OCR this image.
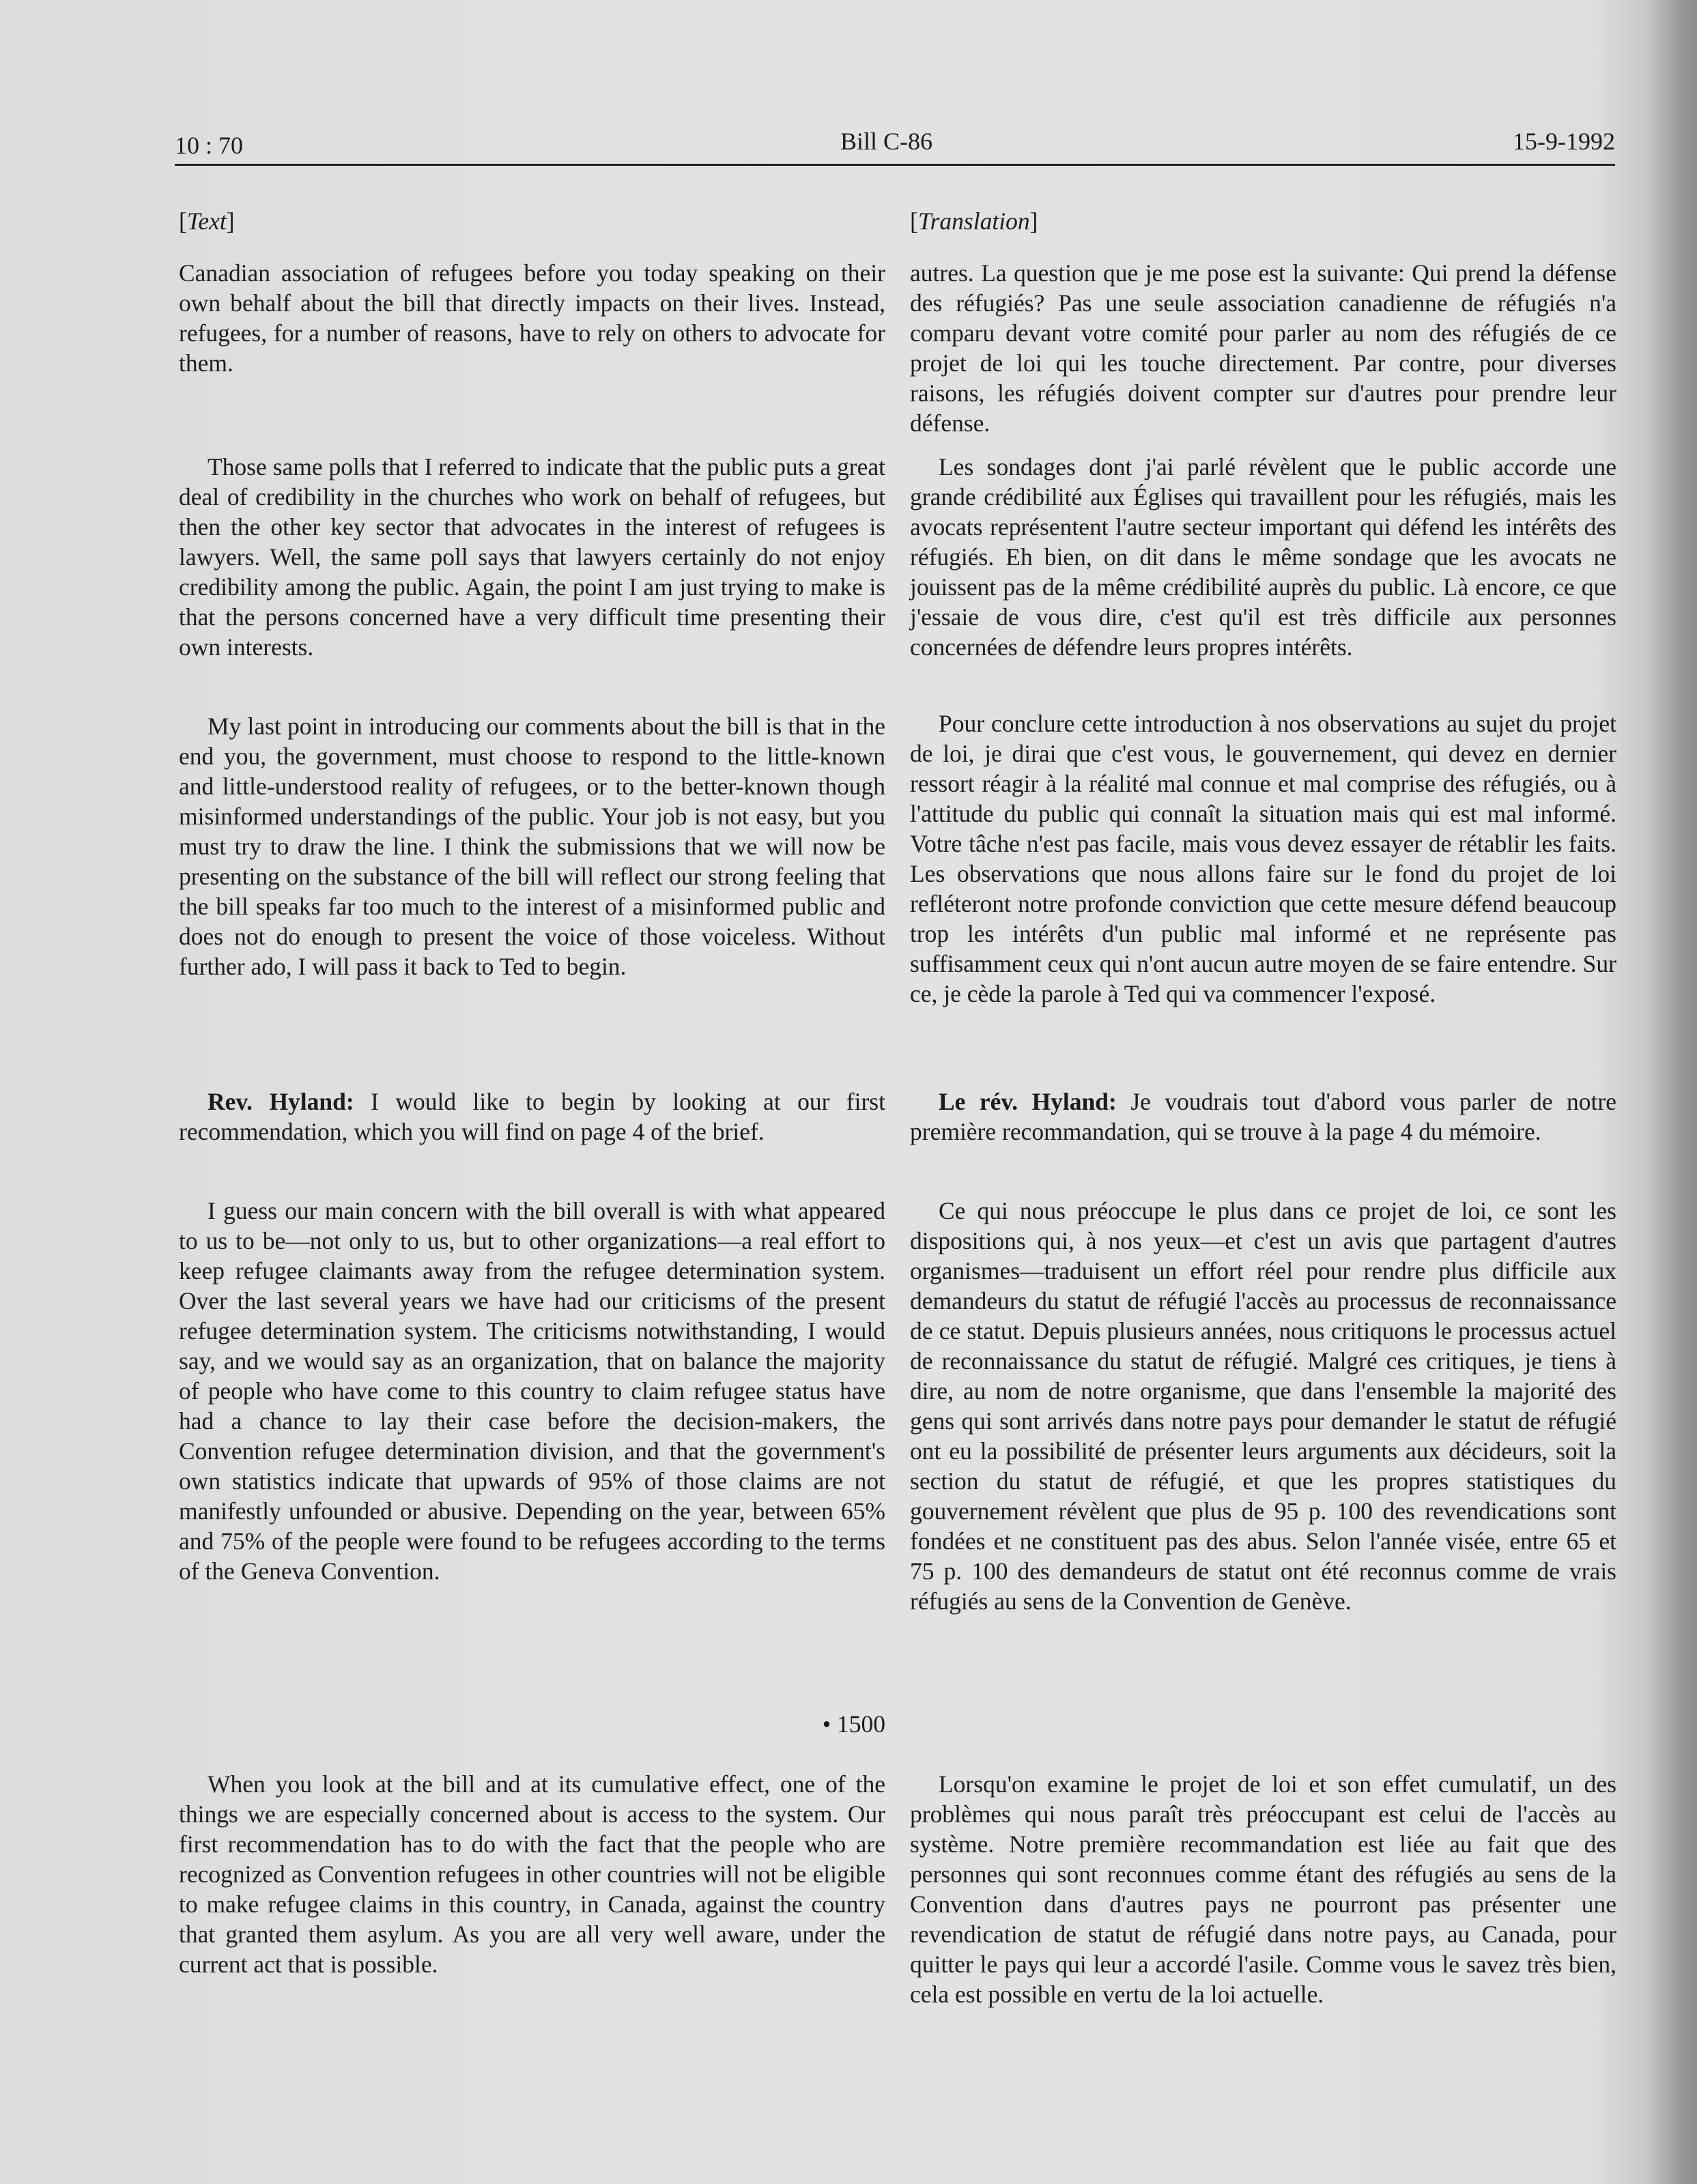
10 : 70	Bill C-86	15-9-1992
[Text]

Canadian association of refugees before you today speaking on their own behalf about the bill that directly impacts on their lives. Instead, refugees, for a number of reasons, have to rely on others to advocate for them.

Those same polls that I referred to indicate that the public puts a great deal of credibility in the churches who work on behalf of refugees, but then the other key sector that advocates in the interest of refugees is lawyers. Well, the same poll says that lawyers certainly do not enjoy credibility among the public. Again, the point I am just trying to make is that the persons concerned have a very difficult time presenting their own interests.

My last point in introducing our comments about the bill is that in the end you, the government, must choose to respond to the little-known and little-understood reality of refugees, or to the better-known though misinformed understandings of the public. Your job is not easy, but you must try to draw the line. I think the submissions that we will now be presenting on the substance of the bill will reflect our strong feeling that the bill speaks far too much to the interest of a misinformed public and does not do enough to present the voice of those voiceless. Without further ado, I will pass it back to Ted to begin.

Rev. Hyland: I would like to begin by looking at our first recommendation, which you will find on page 4 of the brief.

I guess our main concern with the bill overall is with what appeared to us to be—not only to us, but to other organizations—a real effort to keep refugee claimants away from the refugee determination system. Over the last several years we have had our criticisms of the present refugee determination system. The criticisms notwithstanding, I would say, and we would say as an organization, that on balance the majority of people who have come to this country to claim refugee status have had a chance to lay their case before the decision-makers, the Convention refugee determination division, and that the government's own statistics indicate that upwards of 95% of those claims are not manifestly unfounded or abusive. Depending on the year, between 65% and 75% of the people were found to be refugees according to the terms of the Geneva Convention.

• 1500

When you look at the bill and at its cumulative effect, one of the things we are especially concerned about is access to the system. Our first recommendation has to do with the fact that the people who are recognized as Convention refugees in other countries will not be eligible to make refugee claims in this country, in Canada, against the country that granted them asylum. As you are all very well aware, under the current act that is possible.

[Translation]

autres. La question que je me pose est la suivante: Qui prend la défense des réfugiés? Pas une seule association canadienne de réfugiés n'a comparu devant votre comité pour parler au nom des réfugiés de ce projet de loi qui les touche directement. Par contre, pour diverses raisons, les réfugiés doivent compter sur d'autres pour prendre leur défense.

Les sondages dont j'ai parlé révèlent que le public accorde une grande crédibilité aux Églises qui travaillent pour les réfugiés, mais les avocats représentent l'autre secteur important qui défend les intérêts des réfugiés. Eh bien, on dit dans le même sondage que les avocats ne jouissent pas de la même crédibilité auprès du public. Là encore, ce que j'essaie de vous dire, c'est qu'il est très difficile aux personnes concernées de défendre leurs propres intérêts.

Pour conclure cette introduction à nos observations au sujet du projet de loi, je dirai que c'est vous, le gouvernement, qui devez en dernier ressort réagir à la réalité mal connue et mal comprise des réfugiés, ou à l'attitude du public qui connaît la situation mais qui est mal informé. Votre tâche n'est pas facile, mais vous devez essayer de rétablir les faits. Les observations que nous allons faire sur le fond du projet de loi refléteront notre profonde conviction que cette mesure défend beaucoup trop les intérêts d'un public mal informé et ne représente pas suffisamment ceux qui n'ont aucun autre moyen de se faire entendre. Sur ce, je cède la parole à Ted qui va commencer l'exposé.

Le rév. Hyland: Je voudrais tout d'abord vous parler de notre première recommandation, qui se trouve à la page 4 du mémoire.

Ce qui nous préoccupe le plus dans ce projet de loi, ce sont les dispositions qui, à nos yeux—et c'est un avis que partagent d'autres organismes—traduisent un effort réel pour rendre plus difficile aux demandeurs du statut de réfugié l'accès au processus de reconnaissance de ce statut. Depuis plusieurs années, nous critiquons le processus actuel de reconnaissance du statut de réfugié. Malgré ces critiques, je tiens à dire, au nom de notre organisme, que dans l'ensemble la majorité des gens qui sont arrivés dans notre pays pour demander le statut de réfugié ont eu la possibilité de présenter leurs arguments aux décideurs, soit la section du statut de réfugié, et que les propres statistiques du gouvernement révèlent que plus de 95 p. 100 des revendications sont fondées et ne constituent pas des abus. Selon l'année visée, entre 65 et 75 p. 100 des demandeurs de statut ont été reconnus comme de vrais réfugiés au sens de la Convention de Genève.

Lorsqu'on examine le projet de loi et son effet cumulatif, un des problèmes qui nous paraît très préoccupant est celui de l'accès au système. Notre première recommandation est liée au fait que des personnes qui sont reconnues comme étant des réfugiés au sens de la Convention dans d'autres pays ne pourront pas présenter une revendication de statut de réfugié dans notre pays, au Canada, pour quitter le pays qui leur a accordé l'asile. Comme vous le savez très bien, cela est possible en vertu de la loi actuelle.
